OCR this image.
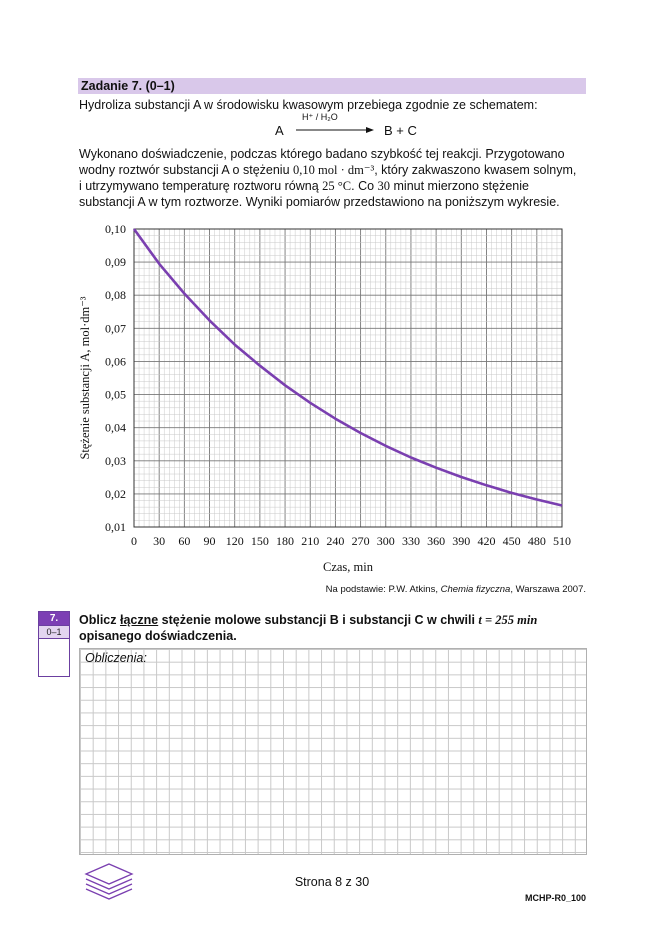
Zadanie 7. (0–1)
Hydroliza substancji A w środowisku kwasowym przebiega zgodnie ze schematem:
A
H⁺ / H₂O
B + C
Wykonano doświadczenie, podczas którego badano szybkość tej reakcji. Przygotowano
wodny roztwór substancji A o stężeniu 0,10 mol · dm⁻³, który zakwaszono kwasem solnym,
i utrzymywano temperaturę roztworu równą 25 °C. Co 30 minut mierzono stężenie
substancji A w tym roztworze. Wyniki pomiarów przedstawiono na poniższym wykresie.
0,01
0,02
0,03
0,04
0,05
0,06
0,07
0,08
0,09
0,10
0 30 60 90 120 150 180 210 240 270 300 330 360 390 420 450 480 510
Czas, min
Stężenie substancji A, mol·dm⁻³
Na podstawie: P.W. Atkins, Chemia fizyczna, Warszawa 2007.
7.
0–1
Oblicz łączne stężenie molowe substancji B i substancji C w chwili t = 255 min
opisanego doświadczenia.
Obliczenia:
Strona 8 z 30
MCHP-R0_100
